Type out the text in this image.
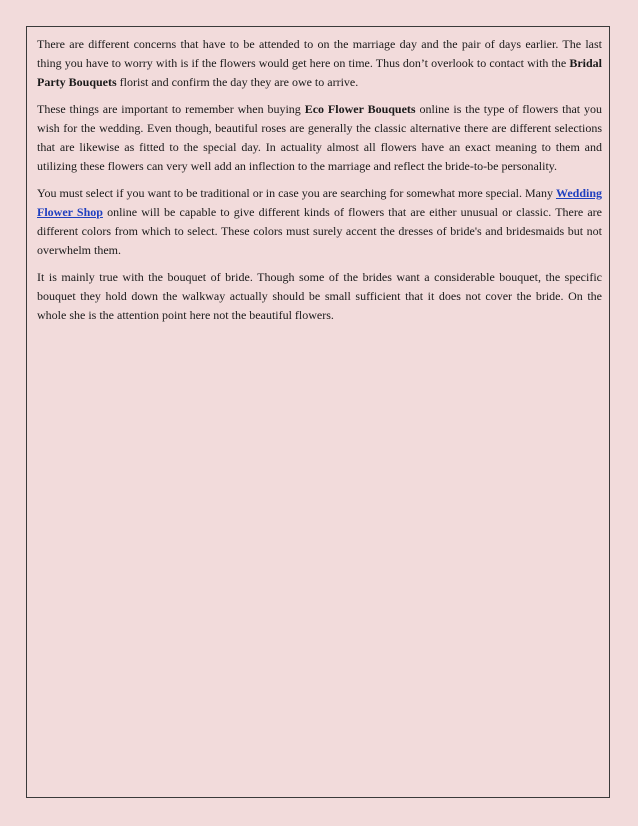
There are different concerns that have to be attended to on the marriage day and the pair of days earlier. The last thing you have to worry with is if the flowers would get here on time. Thus don’t overlook to contact with the Bridal Party Bouquets florist and confirm the day they are owe to arrive.

These things are important to remember when buying Eco Flower Bouquets online is the type of flowers that you wish for the wedding. Even though, beautiful roses are generally the classic alternative there are different selections that are likewise as fitted to the special day. In actuality almost all flowers have an exact meaning to them and utilizing these flowers can very well add an inflection to the marriage and reflect the bride-to-be personality.

You must select if you want to be traditional or in case you are searching for somewhat more special. Many Wedding Flower Shop online will be capable to give different kinds of flowers that are either unusual or classic. There are different colors from which to select. These colors must surely accent the dresses of bride's and bridesmaids but not overwhelm them.

It is mainly true with the bouquet of bride. Though some of the brides want a considerable bouquet, the specific bouquet they hold down the walkway actually should be small sufficient that it does not cover the bride. On the whole she is the attention point here not the beautiful flowers.
